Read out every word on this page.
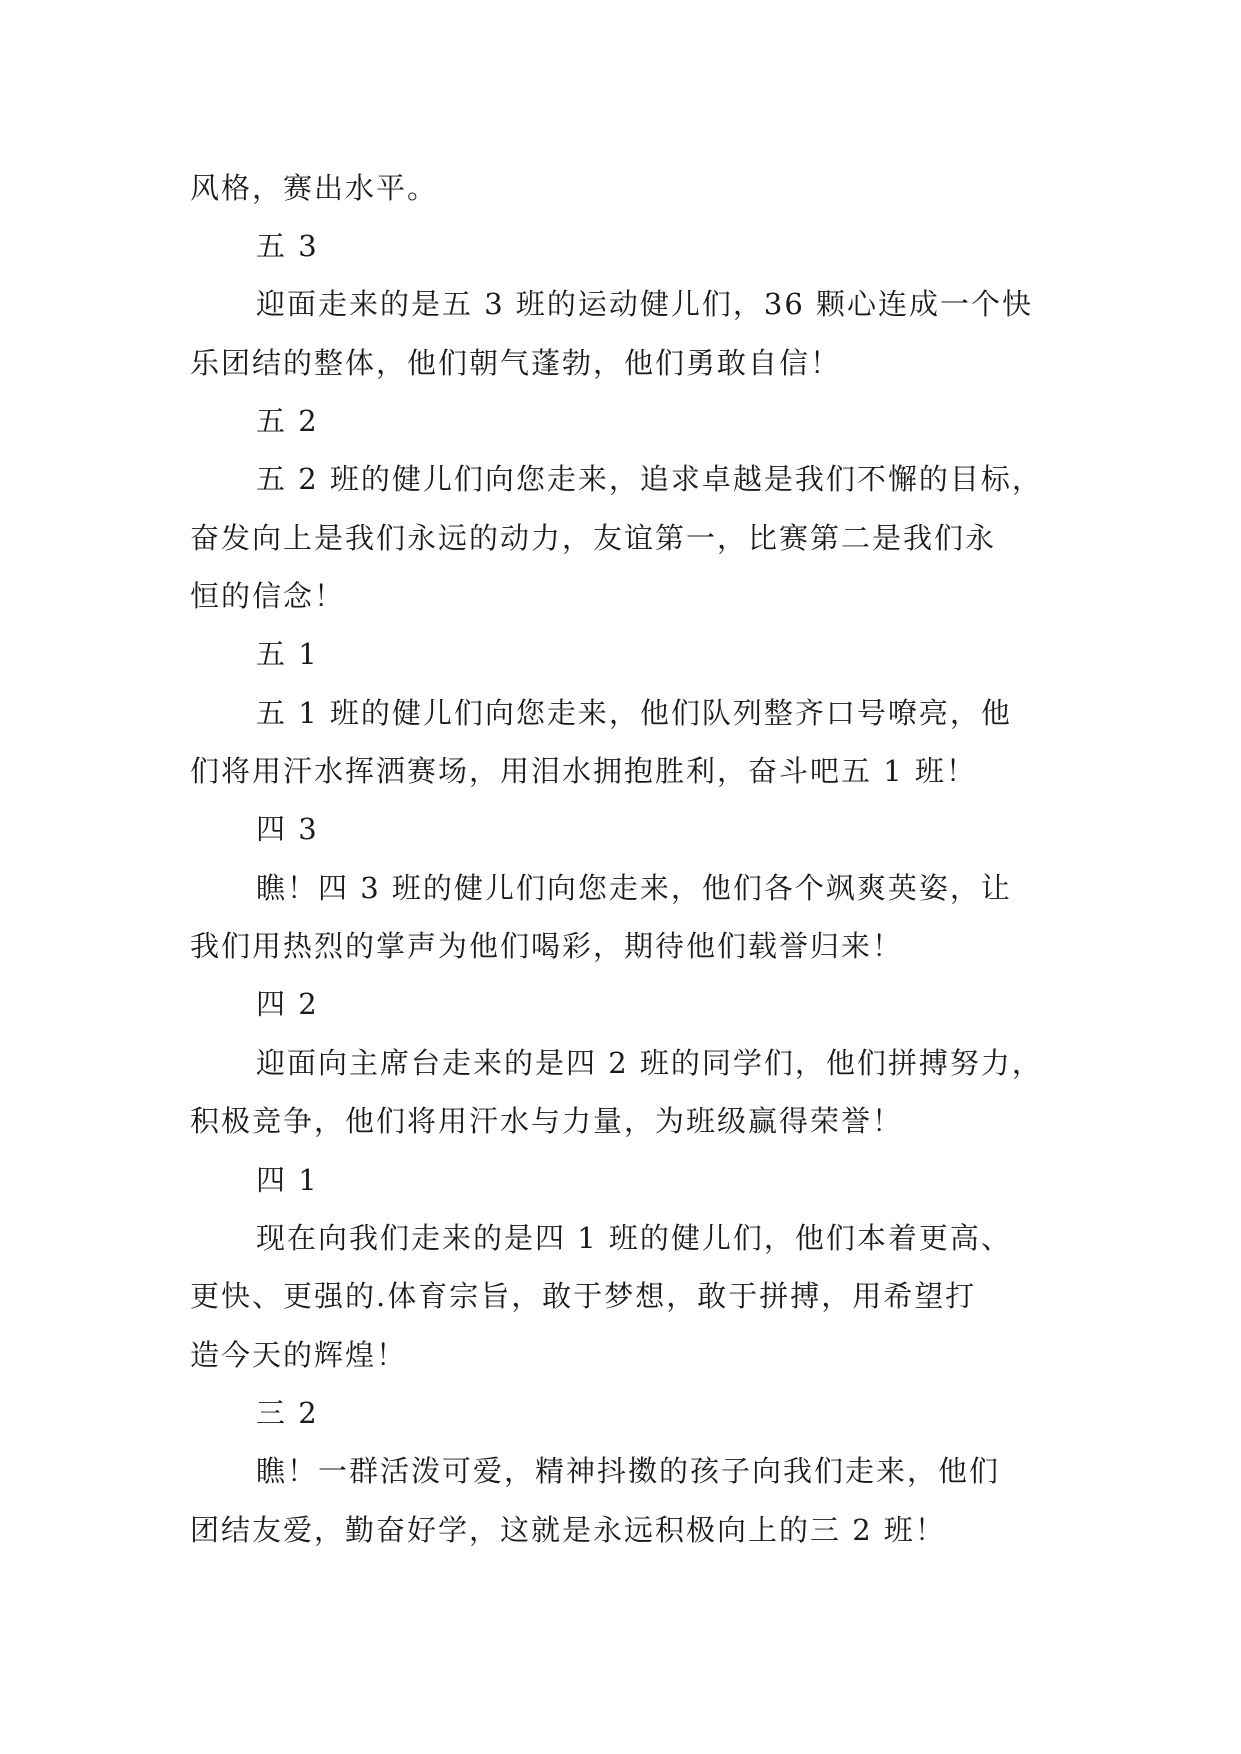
风格，赛出水平。
五 3
迎面走来的是五 3 班的运动健儿们，36 颗心连成一个快
乐团结的整体，他们朝气蓬勃，他们勇敢自信！
五 2
五 2 班的健儿们向您走来，追求卓越是我们不懈的目标，
奋发向上是我们永远的动力，友谊第一，比赛第二是我们永
恒的信念！
五 1
五 1 班的健儿们向您走来，他们队列整齐口号嘹亮，他
们将用汗水挥洒赛场，用泪水拥抱胜利，奋斗吧五 1 班！
四 3
瞧！四 3 班的健儿们向您走来，他们各个飒爽英姿，让
我们用热烈的掌声为他们喝彩，期待他们载誉归来！
四 2
迎面向主席台走来的是四 2 班的同学们，他们拼搏努力，
积极竞争，他们将用汗水与力量，为班级赢得荣誉！
四 1
现在向我们走来的是四 1 班的健儿们，他们本着更高、
更快、更强的.体育宗旨，敢于梦想，敢于拼搏，用希望打
造今天的辉煌！
三 2
瞧！一群活泼可爱，精神抖擞的孩子向我们走来，他们
团结友爱，勤奋好学，这就是永远积极向上的三 2 班！
